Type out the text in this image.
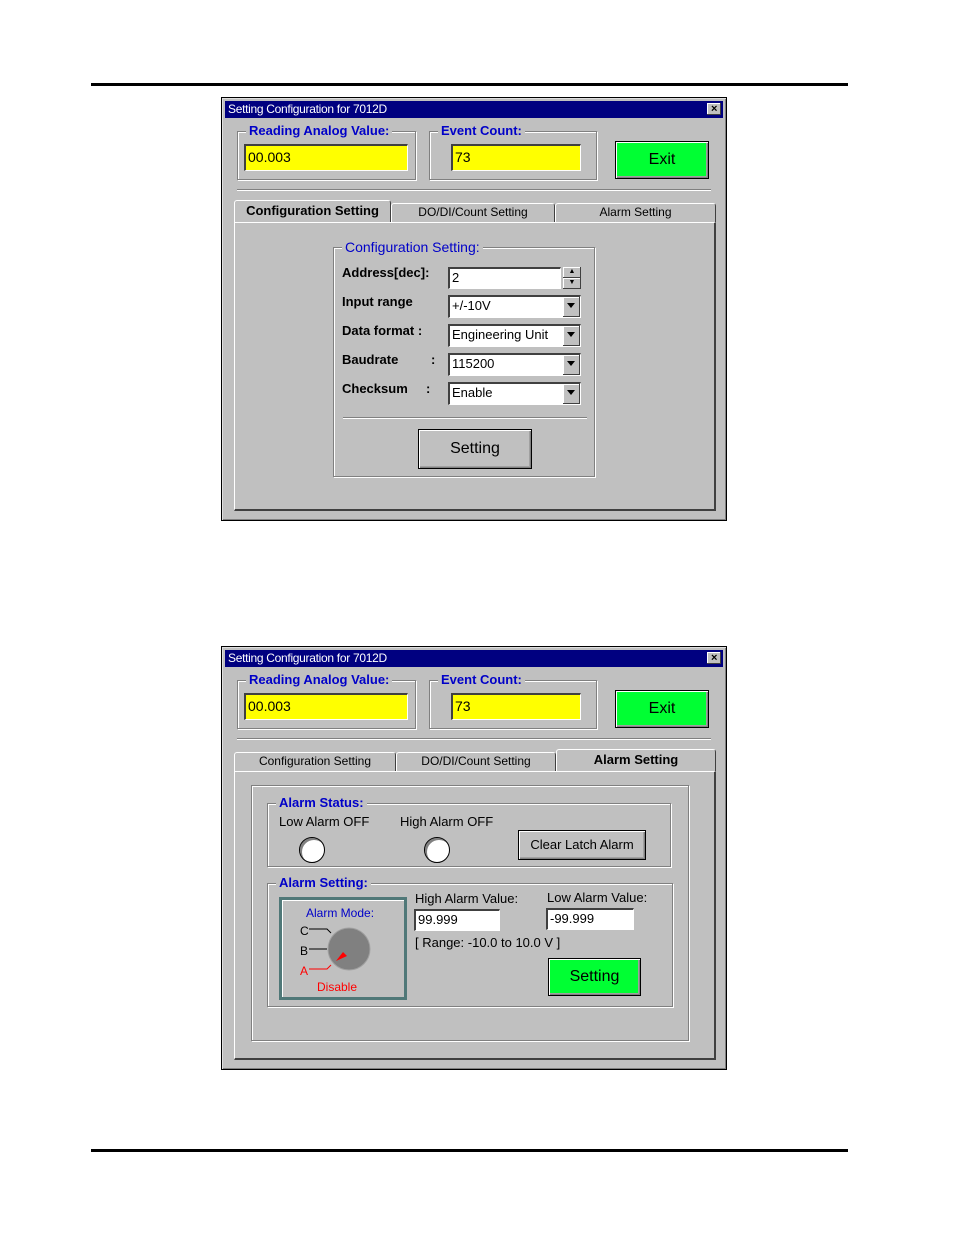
Setting Configuration for 7012D	×
Reading Analog Value:
00.003
Event Count:
73	Exit
Configuration Setting	DO/DI/Count Setting	Alarm Setting
Configuration Setting:
Address[dec]:	2	▲
▼
Input range	+/-10V
Data format :	Engineering Unit
Baudrate	:	115200
Checksum :	Enable
Setting
Setting Configuration for 7012D	×
Reading Analog Value:
00.003
Event Count:
73	Exit
Configuration Setting	DO/DI/Count Setting	Alarm Setting
Alarm Status:
Low Alarm OFF High Alarm OFF
Clear Latch Alarm
Alarm Setting:
Alarm Mode:
C
B
A
Disable
High Alarm Value:
99.999
Low Alarm Value:
-99.999
[ Range: -10.0 to 10.0 V ]
Setting
